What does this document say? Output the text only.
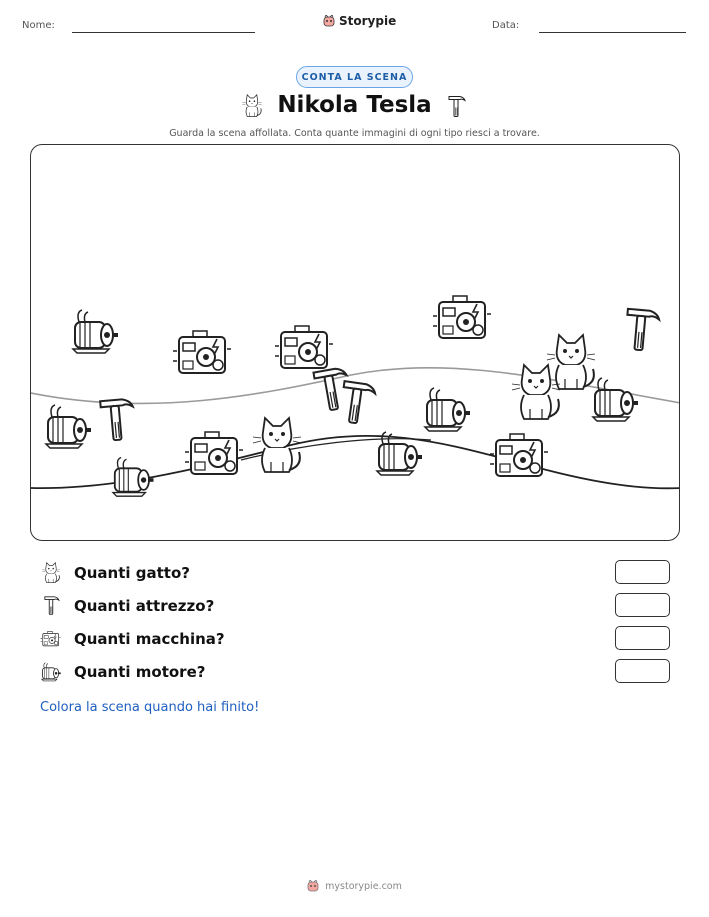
Nome:	Storypie	Data:
CONTA LA SCENA
Nikola Tesla
Guarda la scena affollata. Conta quante immagini di ogni tipo riesci a trovare.
Quanti gatto?
Quanti attrezzo?
Quanti macchina?
Quanti motore?
Colora la scena quando hai finito!
mystorypie.com
